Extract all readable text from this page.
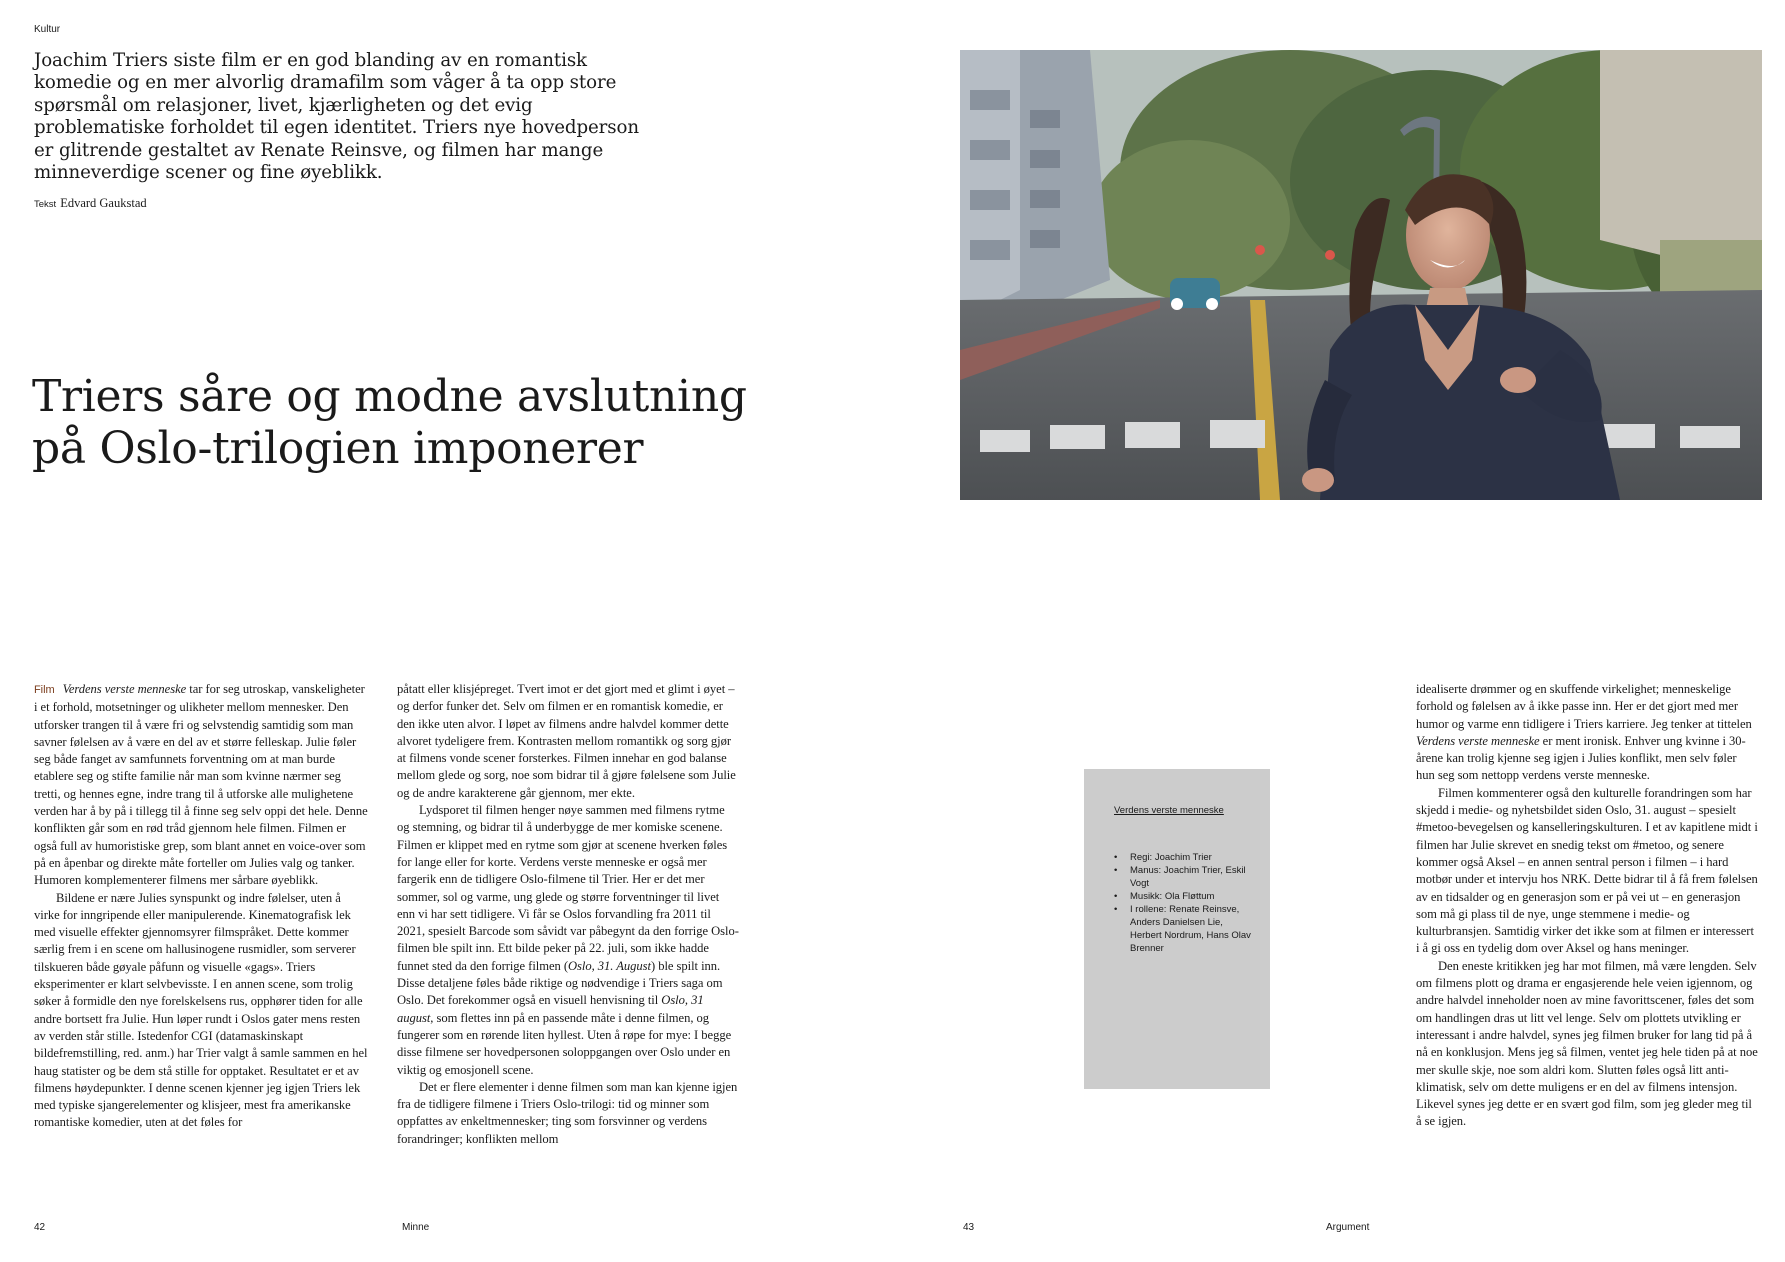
Kultur
Joachim Triers siste film er en god blanding av en romantisk komedie og en mer alvorlig dramafilm som våger å ta opp store spørsmål om relasjoner, livet, kjærligheten og det evig problematiske forholdet til egen identitet. Triers nye hovedperson er glitrende gestaltet av Renate Reinsve, og filmen har mange minneverdige scener og fine øyeblikk.
Tekst Edvard Gaukstad
Triers såre og modne avslutning på Oslo-trilogien imponerer

Film Verdens verste menneske tar for seg utroskap, vanskeligheter i et forhold, motsetninger og ulikheter mellom mennesker. Den utforsker trangen til å være fri og selvstendig samtidig som man savner følelsen av å være en del av et større felleskap. Julie føler seg både fanget av samfunnets forventning om at man burde etablere seg og stifte familie når man som kvinne nærmer seg tretti, og hennes egne, indre trang til å utforske alle mulighetene verden har å by på i tillegg til å finne seg selv oppi det hele. Denne konflikten går som en rød tråd gjennom hele filmen. Filmen er også full av humoristiske grep, som blant annet en voice-over som på en åpenbar og direkte måte forteller om Julies valg og tanker. Humoren komplementerer filmens mer sårbare øyeblikk.

Bildene er nære Julies synspunkt og indre følelser, uten å virke for inngripende eller manipulerende. Kinematografisk lek med visuelle effekter gjennomsyrer filmspråket. Dette kommer særlig frem i en scene om hallusinogene rusmidler, som serverer tilskueren både gøyale påfunn og visuelle «gags». Triers eksperimenter er klart selvbevisste. I en annen scene, som trolig søker å formidle den nye forelskelsens rus, opphører tiden for alle andre bortsett fra Julie. Hun løper rundt i Oslos gater mens resten av verden står stille. Istedenfor CGI (datamaskinskapt bildefremstilling, red. anm.) har Trier valgt å samle sammen en hel haug statister og be dem stå stille for opptaket. Resultatet er et av filmens høydepunkter. I denne scenen kjenner jeg igjen Triers lek med typiske sjangerelementer og klisjeer, mest fra amerikanske romantiske komedier, uten at det føles for

påtatt eller klisjépreget. Tvert imot er det gjort med et glimt i øyet – og derfor funker det. Selv om filmen er en romantisk komedie, er den ikke uten alvor. I løpet av filmens andre halvdel kommer dette alvoret tydeligere frem. Kontrasten mellom romantikk og sorg gjør at filmens vonde scener forsterkes. Filmen innehar en god balanse mellom glede og sorg, noe som bidrar til å gjøre følelsene som Julie og de andre karakterene går gjennom, mer ekte.

Lydsporet til filmen henger nøye sammen med filmens rytme og stemning, og bidrar til å underbygge de mer komiske scenene. Filmen er klippet med en rytme som gjør at scenene hverken føles for lange eller for korte. Verdens verste menneske er også mer fargerik enn de tidligere Oslo-filmene til Trier. Her er det mer sommer, sol og varme, ung glede og større forventninger til livet enn vi har sett tidligere. Vi får se Oslos forvandling fra 2011 til 2021, spesielt Barcode som såvidt var påbegynt da den forrige Oslo-filmen ble spilt inn. Ett bilde peker på 22. juli, som ikke hadde funnet sted da den forrige filmen (Oslo, 31. August) ble spilt inn. Disse detaljene føles både riktige og nødvendige i Triers saga om Oslo. Det forekommer også en visuell henvisning til Oslo, 31 august, som flettes inn på en passende måte i denne filmen, og fungerer som en rørende liten hyllest. Uten å røpe for mye: I begge disse filmene ser hovedpersonen soloppgangen over Oslo under en viktig og emosjonell scene.

Det er flere elementer i denne filmen som man kan kjenne igjen fra de tidligere filmene i Triers Oslo-trilogi: tid og minner som oppfattes av enkeltmennesker; ting som forsvinner og verdens forandringer; konflikten mellom

Verdens verste menneske
• Regi: Joachim Trier
• Manus: Joachim Trier, Eskil Vogt
• Musikk: Ola Fløttum
• I rollene: Renate Reinsve, Anders Danielsen Lie, Herbert Nordrum, Hans Olav Brenner

idealiserte drømmer og en skuffende virkelighet; menneskelige forhold og følelsen av å ikke passe inn. Her er det gjort med mer humor og varme enn tidligere i Triers karriere. Jeg tenker at tittelen Verdens verste menneske er ment ironisk. Enhver ung kvinne i 30-årene kan trolig kjenne seg igjen i Julies konflikt, men selv føler hun seg som nettopp verdens verste menneske.

Filmen kommenterer også den kulturelle forandringen som har skjedd i medie- og nyhetsbildet siden Oslo, 31. august – spesielt #metoo-bevegelsen og kanselleringskulturen. I et av kapitlene midt i filmen har Julie skrevet en snedig tekst om #metoo, og senere kommer også Aksel – en annen sentral person i filmen – i hard motbør under et intervju hos NRK. Dette bidrar til å få frem følelsen av en tidsalder og en generasjon som er på vei ut – en generasjon som må gi plass til de nye, unge stemmene i medie- og kulturbransjen. Samtidig virker det ikke som at filmen er interessert i å gi oss en tydelig dom over Aksel og hans meninger.

Den eneste kritikken jeg har mot filmen, må være lengden. Selv om filmens plott og drama er engasjerende hele veien igjennom, og andre halvdel inneholder noen av mine favorittscener, føles det som om handlingen dras ut litt vel lenge. Selv om plottets utvikling er interessant i andre halvdel, synes jeg filmen bruker for lang tid på å nå en konklusjon. Mens jeg så filmen, ventet jeg hele tiden på at noe mer skulle skje, noe som aldri kom. Slutten føles også litt anti-klimatisk, selv om dette muligens er en del av filmens intensjon. Likevel synes jeg dette er en svært god film, som jeg gleder meg til å se igjen.

42	Minne	43	Argument
